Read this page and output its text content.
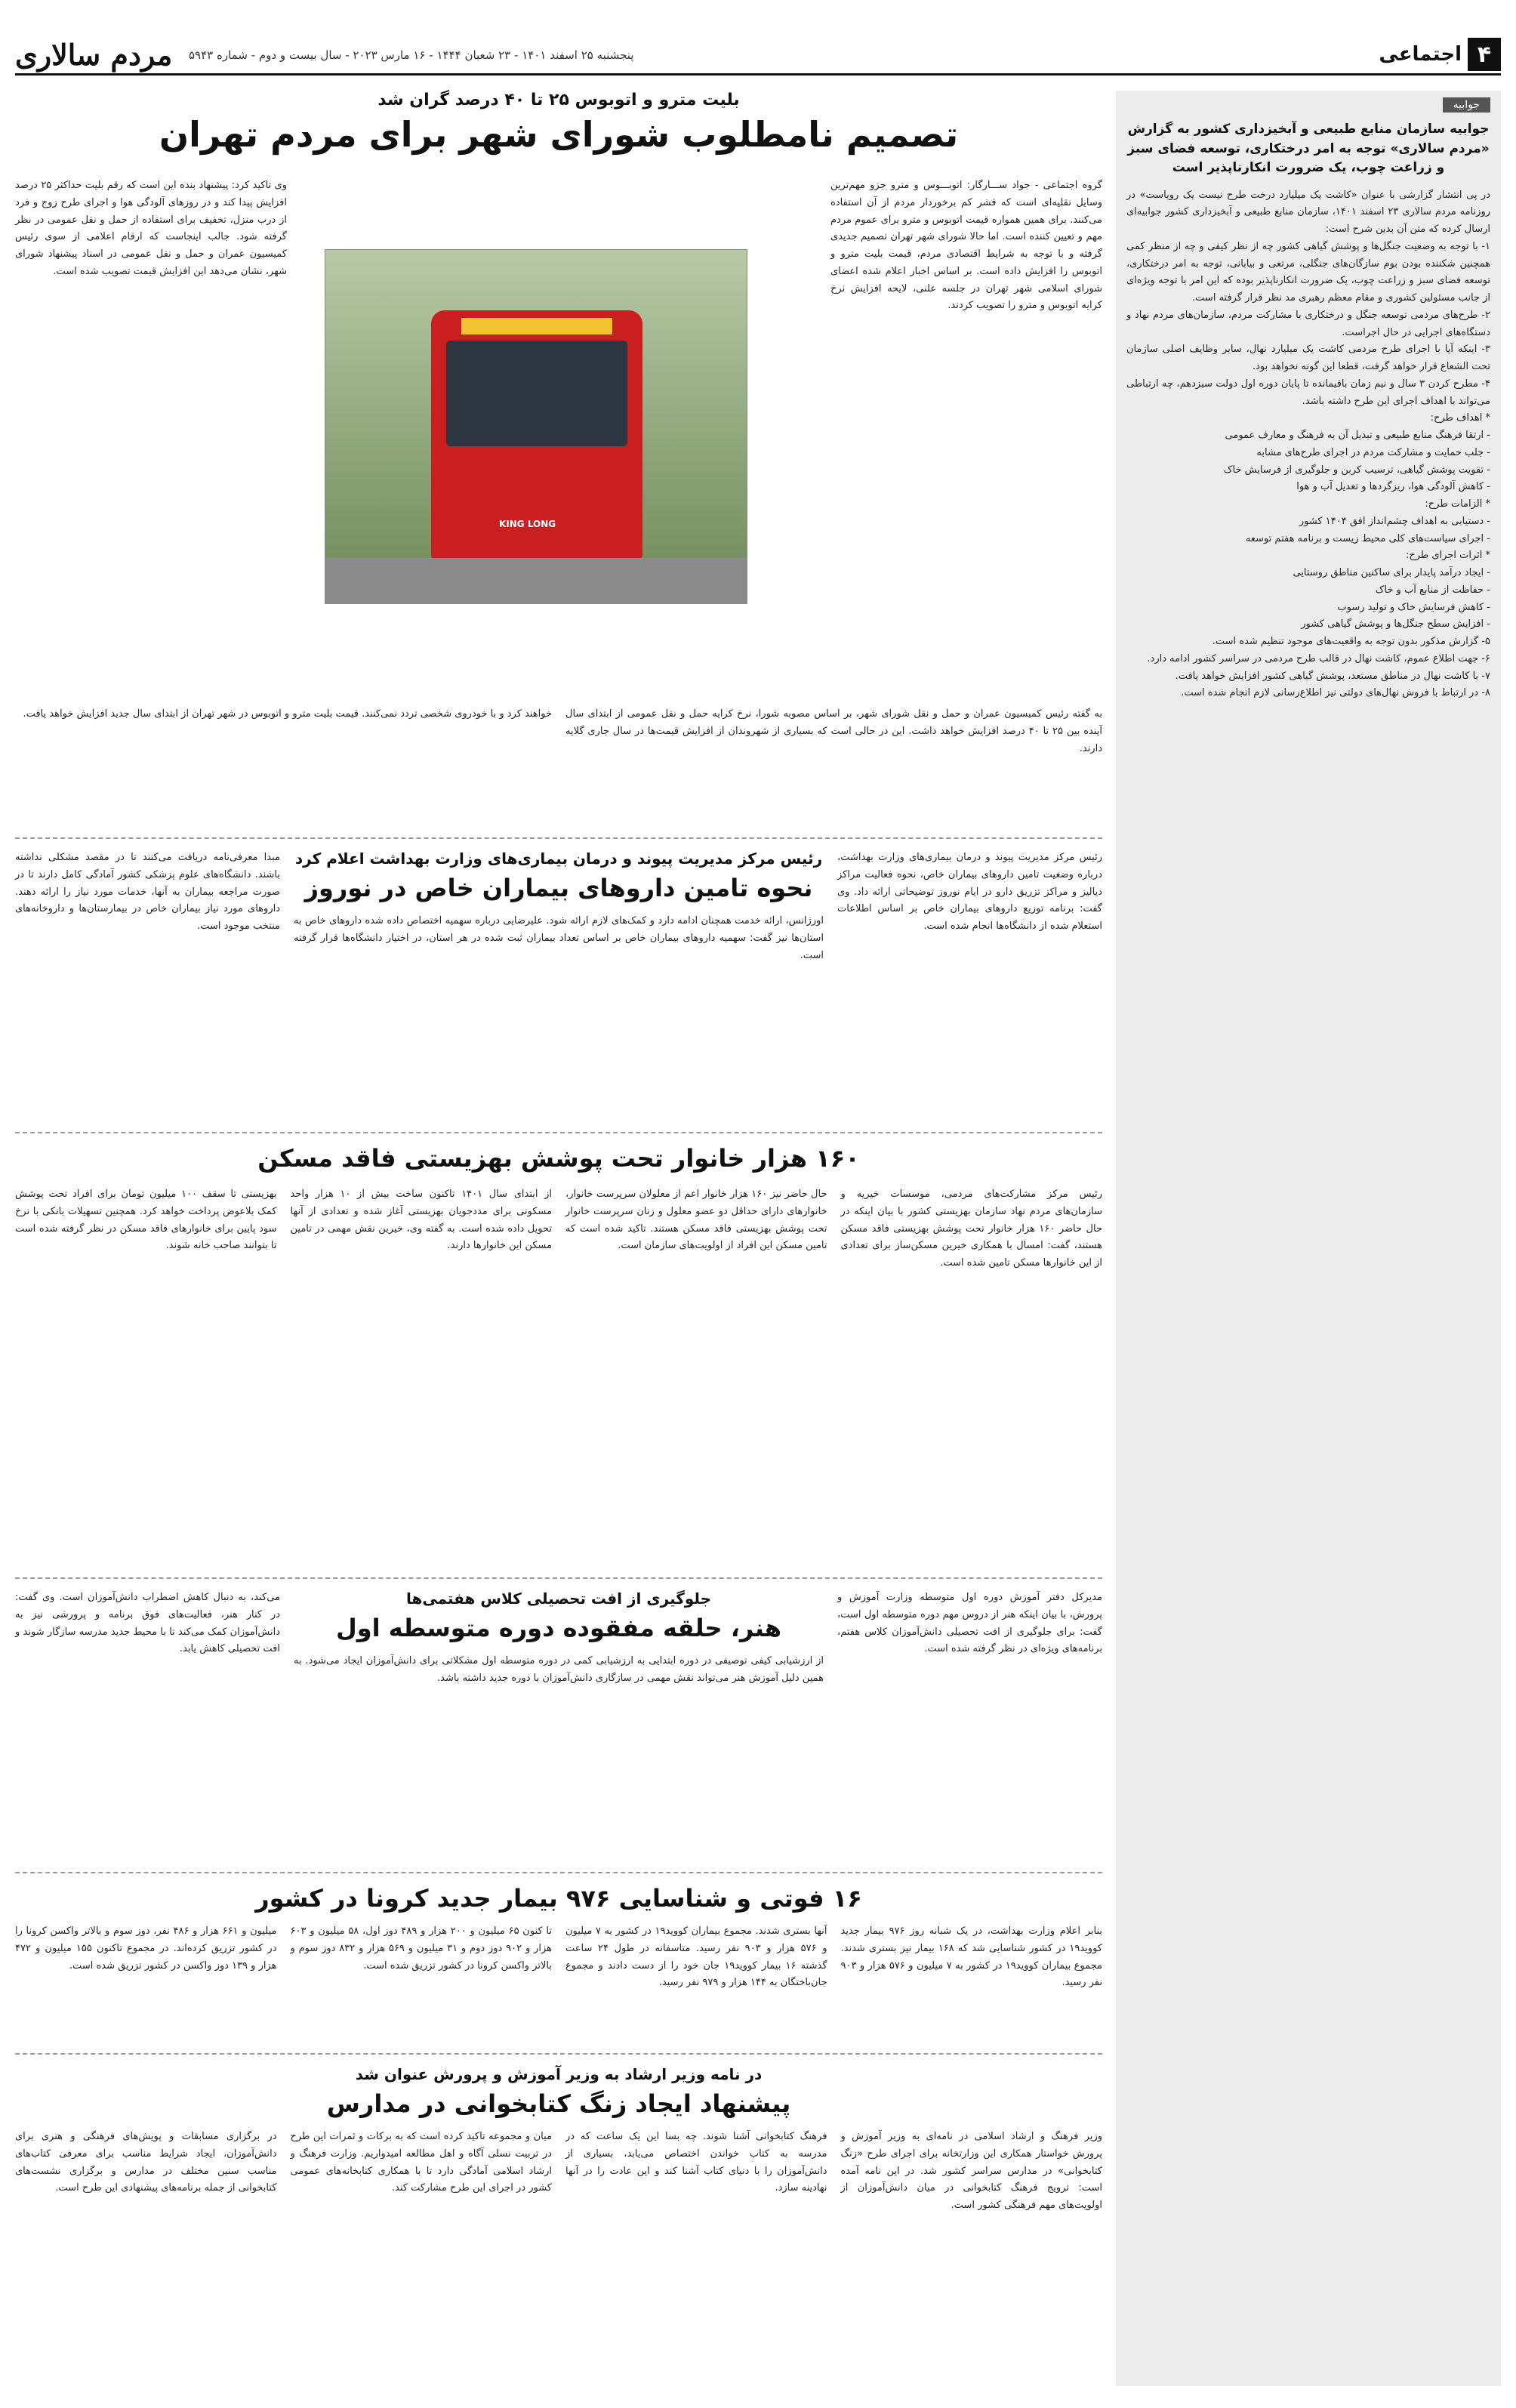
۴
اجتماعی
پنجشنبه ۲۵ اسفند ۱۴۰۱ - ۲۳ شعبان ۱۴۴۴ - ۱۶ مارس ۲۰۲۳ - سال بیست و دوم - شماره ۵۹۴۳
مردم سالاری
جوابیه
جوابیه سازمان منابع طبیعی و آبخیزداری کشور به گزارش «مردم سالاری» توجه به امر درختکاری، توسعه فضای سبز و زراعت چوب، یک ضرورت انکارناپذیر است
در پی انتشار گزارشی با عنوان «کاشت یک میلیارد درخت طرح نیست یک رویاست» در روزنامه مردم سالاری ۲۳ اسفند ۱۴۰۱، سازمان منابع طبیعی و آبخیزداری کشور جوابیه‌ای ارسال کرده که متن آن بدین شرح است:
۱- با توجه به وضعیت جنگل‌ها و پوشش گیاهی کشور چه از نظر کیفی و چه از منظر کمی همچنین شکننده بودن بوم سازگان‌های جنگلی، مرتعی و بیابانی، توجه به امر درختکاری، توسعه فضای سبز و زراعت چوب، یک ضرورت انکارناپذیر بوده که این امر با توجه ویژه‌ای از جانب مسئولین کشوری و مقام معظم رهبری مد نظر قرار گرفته است.
۲- طرح‌های مردمی توسعه جنگل و درختکاری با مشارکت مردم، سازمان‌های مردم نهاد و دستگاه‌های اجرایی در حال اجراست.
۳- اینکه آیا با اجرای طرح مردمی کاشت یک میلیارد نهال، سایر وظایف اصلی سازمان تحت الشعاع قرار خواهد گرفت، قطعا این گونه نخواهد بود.
۴- مطرح کردن ۳ سال و نیم زمان باقیمانده تا پایان دوره اول دولت سیزدهم، چه ارتباطی می‌تواند با اهداف اجرای این طرح داشته باشد.
* اهداف طرح:
- ارتقا فرهنگ منابع طبیعی و تبدیل آن به فرهنگ و معارف عمومی
- جلب حمایت و مشارکت مردم در اجرای طرح‌های مشابه
- تقویت پوشش گیاهی، ترسیب کربن و جلوگیری از فرسایش خاک
- کاهش آلودگی هوا، ریزگردها و تعدیل آب و هوا
* الزامات طرح:
- دستیابی به اهداف چشم‌انداز افق ۱۴۰۴ کشور
- اجرای سیاست‌های کلی محیط زیست و برنامه هفتم توسعه
* اثرات اجرای طرح:
- ایجاد درآمد پایدار برای ساکنین مناطق روستایی
- حفاظت از منابع آب و خاک
- کاهش فرسایش خاک و تولید رسوب
- افزایش سطح جنگل‌ها و پوشش گیاهی کشور
۵- گزارش مذکور بدون توجه به واقعیت‌های موجود تنظیم شده است.
۶- جهت اطلاع عموم، کاشت نهال در قالب طرح مردمی در سراسر کشور ادامه دارد.
۷- با کاشت نهال در مناطق مستعد، پوشش گیاهی کشور افزایش خواهد یافت.
۸- در ارتباط با فروش نهال‌های دولتی نیز اطلاع‌رسانی لازم انجام شده است.
بلیت مترو و اتوبوس ۲۵ تا ۴۰ درصد گران شد
تصمیم نامطلوب شورای شهر برای مردم تهران
گروه اجتماعی - جواد ســـارگار: اتوبـــوس و مترو جزو مهم‌ترین وسایل نقلیه‌ای است که قشر کم برخوردار مردم از آن استفاده می‌کنند. برای همین همواره قیمت اتوبوس و مترو برای عموم مردم مهم و تعیین کننده است. اما حالا شورای شهر تهران تصمیم جدیدی گرفته و با توجه به شرایط اقتصادی مردم، قیمت بلیت مترو و اتوبوس را افزایش داده است. بر اساس اخبار اعلام شده اعضای شورای اسلامی شهر تهران در جلسه علنی، لایحه افزایش نرخ کرایه اتوبوس و مترو را تصویب کردند.
وی تاکید کرد: پیشنهاد بنده این است که رقم بلیت حداکثر ۲۵ درصد افزایش پیدا کند و در روزهای آلودگی هوا و اجرای طرح زوج و فرد از درب منزل، تخفیف برای استفاده از حمل و نقل عمومی در نظر گرفته شود. جالب اینجاست که ارقام اعلامی از سوی رئیس کمیسیون عمران و حمل و نقل عمومی در اسناد پیشنهاد شورای شهر، نشان می‌دهد این افزایش قیمت تصویب شده است.
به گفته رئیس کمیسیون عمران و حمل و نقل شورای شهر، بر اساس مصوبه شورا، نرخ کرایه حمل و نقل عمومی از ابتدای سال آینده بین ۲۵ تا ۴۰ درصد افزایش خواهد داشت. این در حالی است که بسیاری از شهروندان از افزایش قیمت‌ها در سال جاری گلایه دارند.
خواهند کرد و با خودروی شخصی تردد نمی‌کنند. قیمت بلیت مترو و اتوبوس در شهر تهران از ابتدای سال جدید افزایش خواهد یافت.
رئیس مرکز مدیریت پیوند و درمان بیماری‌های وزارت بهداشت، درباره وضعیت تامین داروهای بیماران خاص، نحوه فعالیت مراکز دیالیز و مراکز تزریق دارو در ایام نوروز توضیحاتی ارائه داد. وی گفت: برنامه توزیع داروهای بیماران خاص بر اساس اطلاعات استعلام شده از دانشگاه‌ها انجام شده است.
رئیس مرکز مدیریت پیوند و درمان بیماری‌های وزارت بهداشت اعلام کرد
نحوه تامین داروهای بیماران خاص در نوروز
اورژانس، ارائه خدمت همچنان ادامه دارد و کمک‌های لازم ارائه شود. علیرضایی درباره سهمیه اختصاص داده شده داروهای خاص به استان‌ها نیز گفت: سهمیه داروهای بیماران خاص بر اساس تعداد بیماران ثبت شده در هر استان، در اختیار دانشگاه‌ها قرار گرفته است.
مبدا معرفی‌نامه دریافت می‌کنند تا در مقصد مشکلی نداشته باشند. دانشگاه‌های علوم پزشکی کشور آمادگی کامل دارند تا در صورت مراجعه بیماران به آنها، خدمات مورد نیاز را ارائه دهند. داروهای مورد نیاز بیماران خاص در بیمارستان‌ها و داروخانه‌های منتخب موجود است.
۱۶۰ هزار خانوار تحت پوشش بهزیستی فاقد مسکن
رئیس مرکز مشارکت‌های مردمی، موسسات خیریه و سازمان‌های مردم نهاد سازمان بهزیستی کشور با بیان اینکه در حال حاضر ۱۶۰ هزار خانوار تحت پوشش بهزیستی فاقد مسکن هستند، گفت: امسال با همکاری خیرین مسکن‌ساز برای تعدادی از این خانوارها مسکن تامین شده است.
حال حاضر نیز ۱۶۰ هزار خانوار اعم از معلولان سرپرست خانوار، خانوارهای دارای حداقل دو عضو معلول و زنان سرپرست خانوار تحت پوشش بهزیستی فاقد مسکن هستند. تاکید شده است که تامین مسکن این افراد از اولویت‌های سازمان است.
از ابتدای سال ۱۴۰۱ تاکنون ساخت بیش از ۱۰ هزار واحد مسکونی برای مددجویان بهزیستی آغاز شده و تعدادی از آنها تحویل داده شده است. به گفته وی، خیرین نقش مهمی در تامین مسکن این خانوارها دارند.
بهزیستی تا سقف ۱۰۰ میلیون تومان برای افراد تحت پوشش کمک بلاعوض پرداخت خواهد کرد. همچنین تسهیلات بانکی با نرخ سود پایین برای خانوارهای فاقد مسکن در نظر گرفته شده است تا بتوانند صاحب خانه شوند.
مدیرکل دفتر آموزش دوره اول متوسطه وزارت آموزش و پرورش، با بیان اینکه هنر از دروس مهم دوره متوسطه اول است، گفت: برای جلوگیری از افت تحصیلی دانش‌آموزان کلاس هفتم، برنامه‌های ویژه‌ای در نظر گرفته شده است.
جلوگیری از افت تحصیلی کلاس هفتمی‌ها
هنر، حلقه مفقوده دوره متوسطه اول
از ارزشیابی کیفی توصیفی در دوره ابتدایی به ارزشیابی کمی در دوره متوسطه اول مشکلاتی برای دانش‌آموزان ایجاد می‌شود. به همین دلیل آموزش هنر می‌تواند نقش مهمی در سازگاری دانش‌آموزان با دوره جدید داشته باشد.
می‌کند، به دنبال کاهش اضطراب دانش‌آموزان است. وی گفت: در کنار هنر، فعالیت‌های فوق برنامه و پرورشی نیز به دانش‌آموزان کمک می‌کند تا با محیط جدید مدرسه سازگار شوند و افت تحصیلی کاهش یابد.
۱۶ فوتی و شناسایی ۹۷۶ بیمار جدید کرونا در کشور
بنابر اعلام وزارت بهداشت، در یک شبانه روز ۹۷۶ بیمار جدید کووید۱۹ در کشور شناسایی شد که ۱۶۸ بیمار نیز بستری شدند. مجموع بیماران کووید۱۹ در کشور به ۷ میلیون و ۵۷۶ هزار و ۹۰۳ نفر رسید.
آنها بستری شدند. مجموع بیماران کووید۱۹ در کشور به ۷ میلیون و ۵۷۶ هزار و ۹۰۳ نفر رسید. متاسفانه در طول ۲۴ ساعت گذشته ۱۶ بیمار کووید۱۹ جان خود را از دست دادند و مجموع جان‌باختگان به ۱۴۴ هزار و ۹۷۹ نفر رسید.
تا کنون ۶۵ میلیون و ۲۰۰ هزار و ۴۸۹ دوز اول، ۵۸ میلیون و ۶۰۳ هزار و ۹۰۲ دوز دوم و ۳۱ میلیون و ۵۶۹ هزار و ۸۳۲ دوز سوم و بالاتر واکسن کرونا در کشور تزریق شده است.
میلیون و ۶۶۱ هزار و ۴۸۶ نفر، دوز سوم و بالاتر واکسن کرونا را در کشور تزریق کرده‌اند. در مجموع تاکنون ۱۵۵ میلیون و ۴۷۲ هزار و ۱۳۹ دوز واکسن در کشور تزریق شده است.
در نامه وزیر ارشاد به وزیر آموزش و پرورش عنوان شد
پیشنهاد ایجاد زنگ کتابخوانی در مدارس
وزیر فرهنگ و ارشاد اسلامی در نامه‌ای به وزیر آموزش و پرورش خواستار همکاری این وزارتخانه برای اجرای طرح «زنگ کتابخوانی» در مدارس سراسر کشور شد. در این نامه آمده است: ترویج فرهنگ کتابخوانی در میان دانش‌آموزان از اولویت‌های مهم فرهنگی کشور است.
فرهنگ کتابخوانی آشنا شوند. چه بسا این یک ساعت که در مدرسه به کتاب خواندن اختصاص می‌یابد، بسیاری از دانش‌آموزان را با دنیای کتاب آشنا کند و این عادت را در آنها نهادینه سازد.
میان و مجموعه تاکید کرده است که به برکات و ثمرات این طرح در تربیت نسلی آگاه و اهل مطالعه امیدواریم. وزارت فرهنگ و ارشاد اسلامی آمادگی دارد تا با همکاری کتابخانه‌های عمومی کشور در اجرای این طرح مشارکت کند.
در برگزاری مسابقات و پویش‌های فرهنگی و هنری برای دانش‌آموزان، ایجاد شرایط مناسب برای معرفی کتاب‌های مناسب سنین مختلف در مدارس و برگزاری نشست‌های کتابخوانی از جمله برنامه‌های پیشنهادی این طرح است.
KING LONG
